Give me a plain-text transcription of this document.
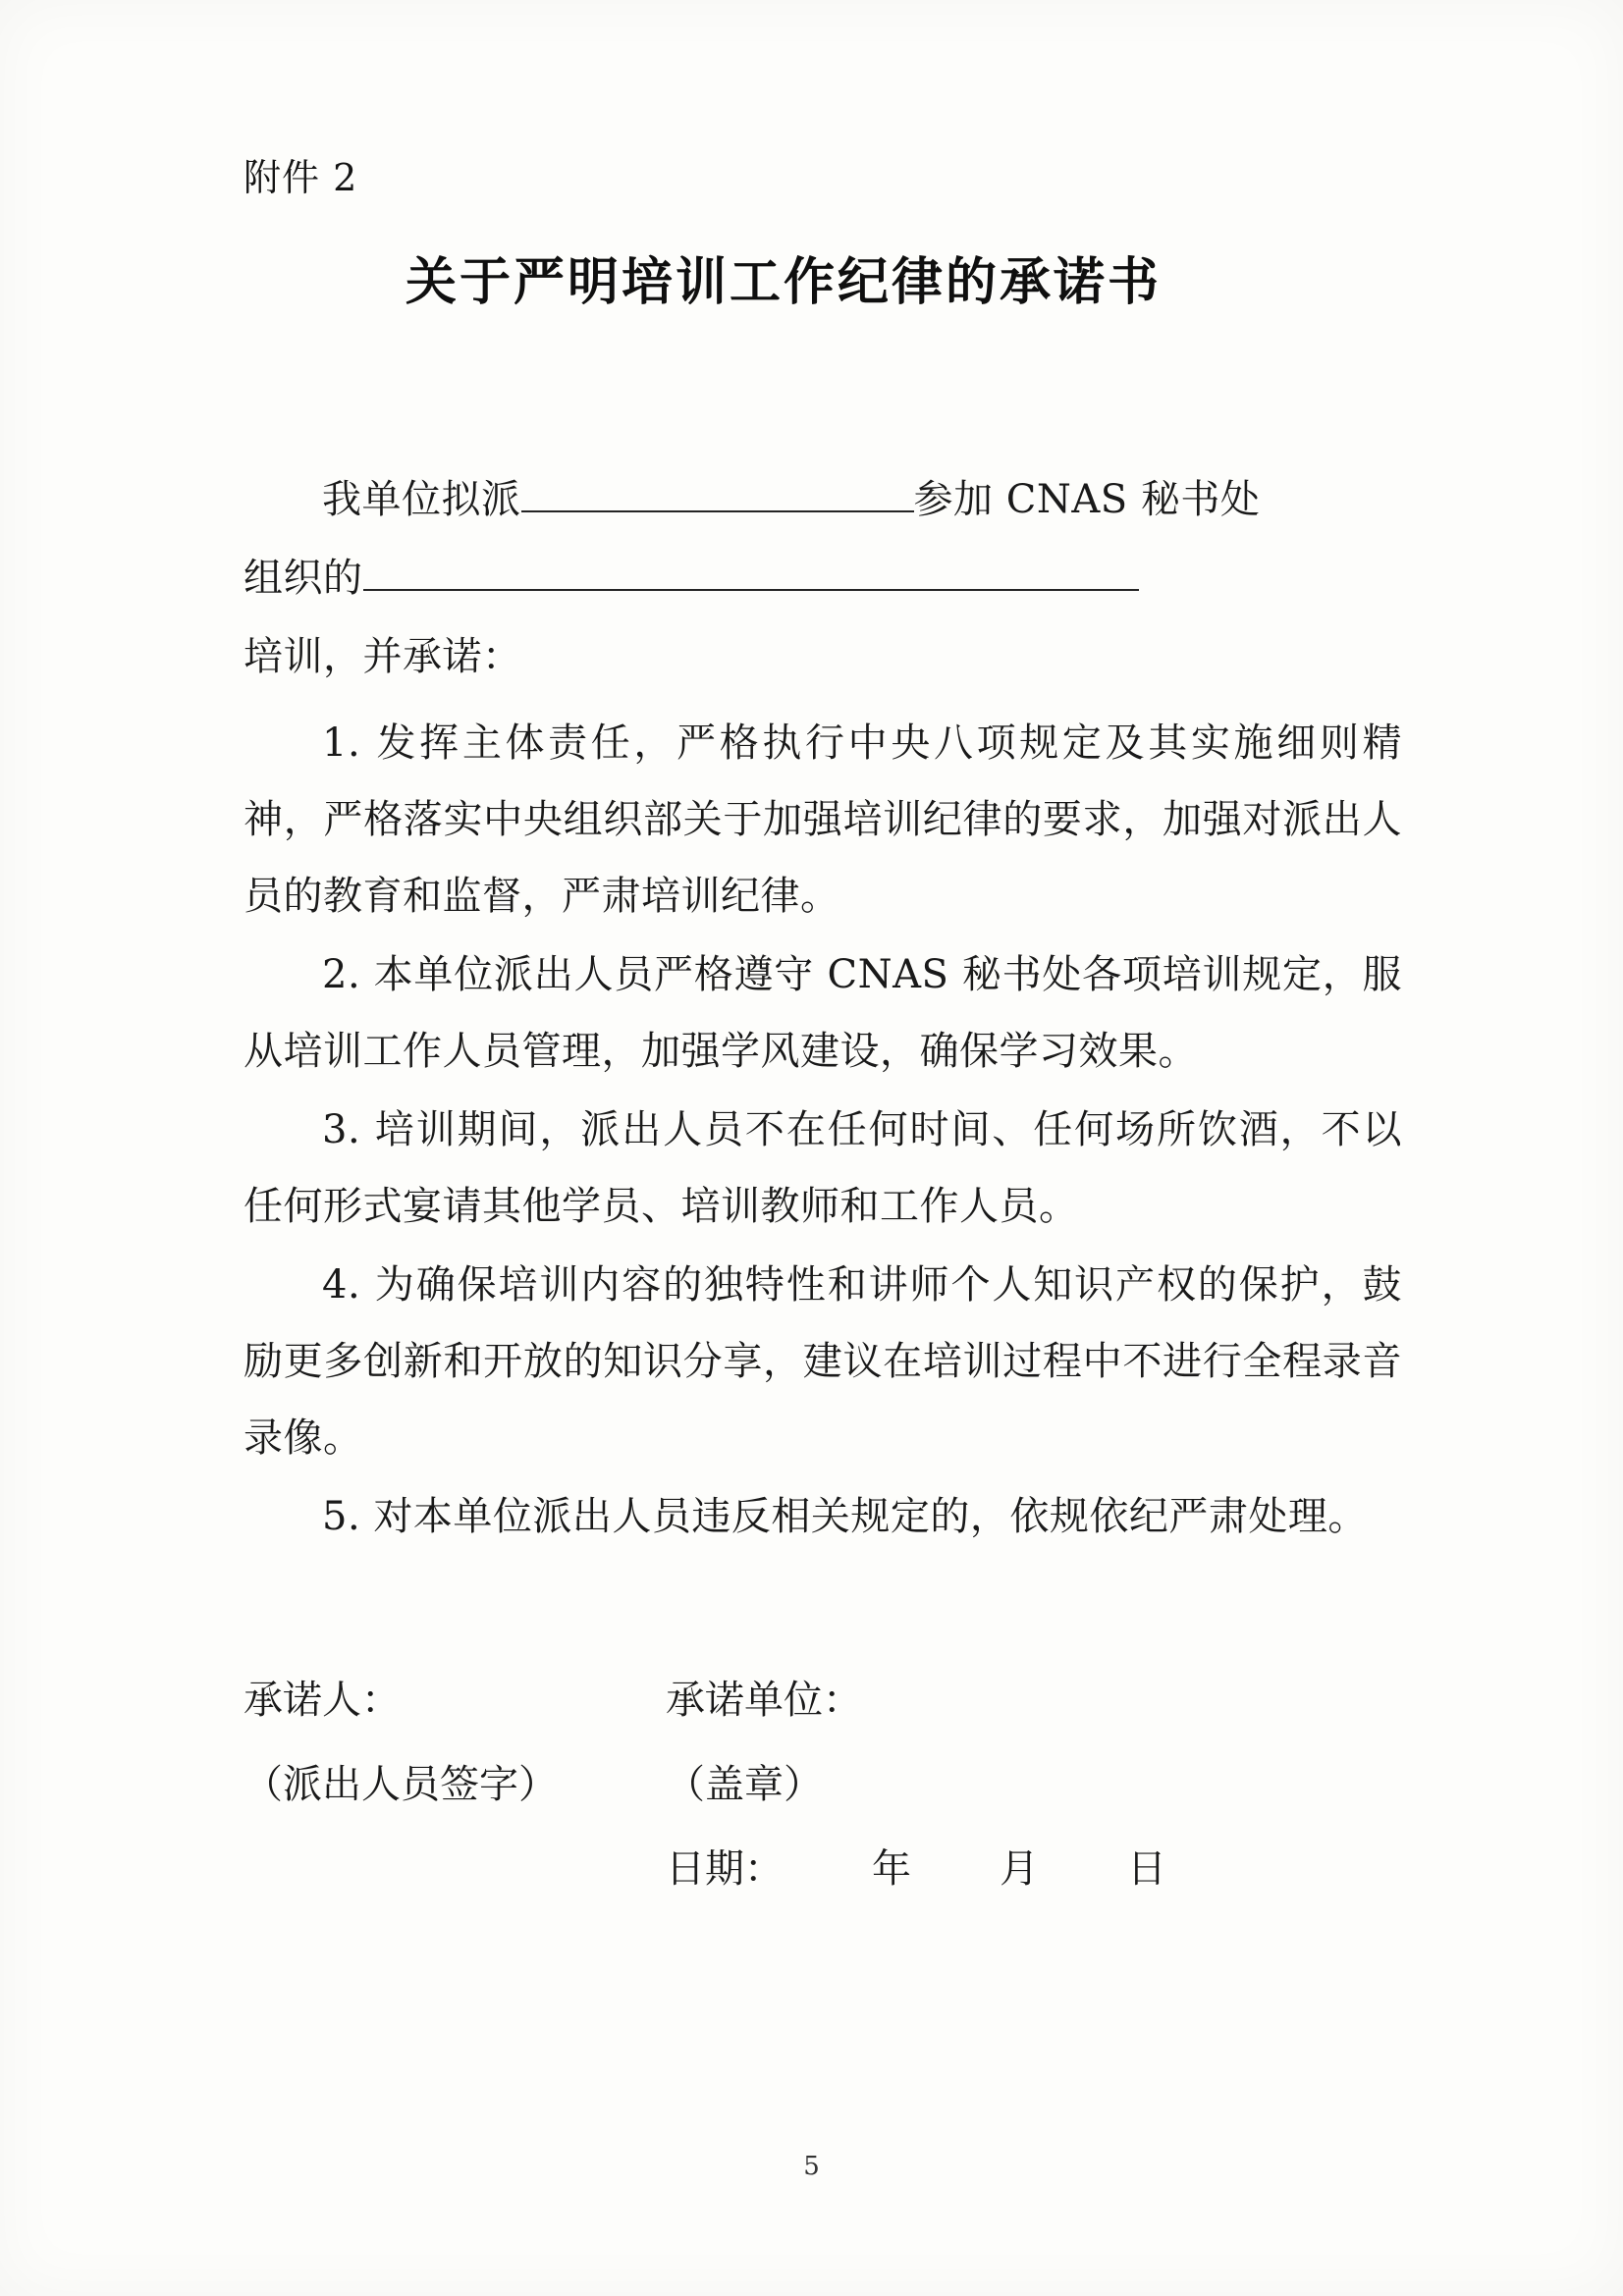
附件 2
关于严明培训工作纪律的承诺书

我单位拟派	参加 CNAS 秘书处

组织的

培训，并承诺：

1. 发挥主体责任，严格执行中央八项规定及其实施细则精神，严格落实中央组织部关于加强培训纪律的要求，加强对派出人员的教育和监督，严肃培训纪律。

2. 本单位派出人员严格遵守 CNAS 秘书处各项培训规定，服从培训工作人员管理，加强学风建设，确保学习效果。

3. 培训期间，派出人员不在任何时间、任何场所饮酒，不以任何形式宴请其他学员、培训教师和工作人员。

4. 为确保培训内容的独特性和讲师个人知识产权的保护，鼓励更多创新和开放的知识分享，建议在培训过程中不进行全程录音录像。

5. 对本单位派出人员违反相关规定的，依规依纪严肃处理。

承诺人：	承诺单位：
（派出人员签字）	（盖章）
日期： 年 月 日
5
